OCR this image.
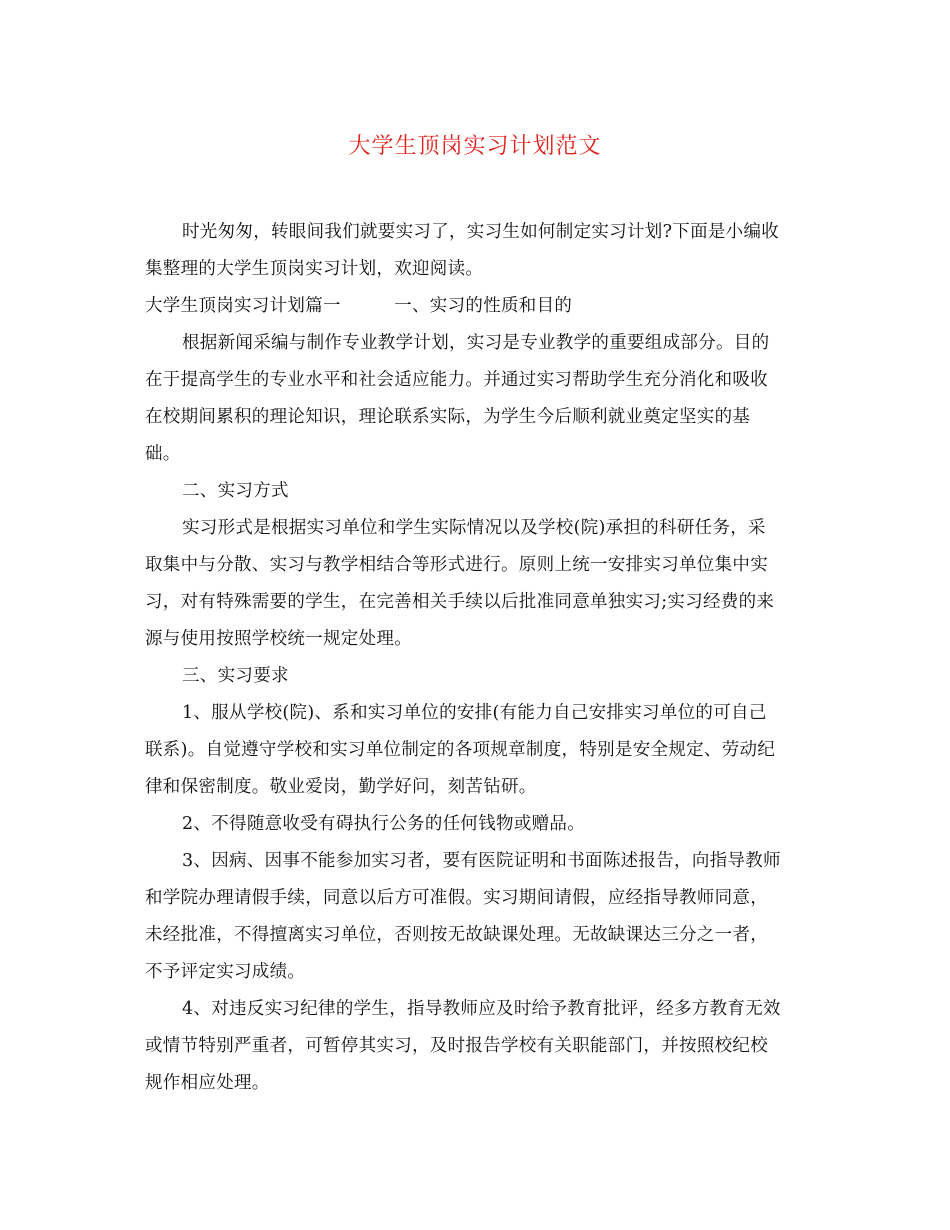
大学生顶岗实习计划范文
时光匆匆，转眼间我们就要实习了，实习生如何制定实习计划?下面是小编收
集整理的大学生顶岗实习计划，欢迎阅读。
大学生顶岗实习计划篇一　　　一、实习的性质和目的
根据新闻采编与制作专业教学计划，实习是专业教学的重要组成部分。目的
在于提高学生的专业水平和社会适应能力。并通过实习帮助学生充分消化和吸收
在校期间累积的理论知识，理论联系实际，为学生今后顺利就业奠定坚实的基
础。
二、实习方式
实习形式是根据实习单位和学生实际情况以及学校(院)承担的科研任务，采
取集中与分散、实习与教学相结合等形式进行。原则上统一安排实习单位集中实
习，对有特殊需要的学生，在完善相关手续以后批准同意单独实习;实习经费的来
源与使用按照学校统一规定处理。
三、实习要求
1、服从学校(院)、系和实习单位的安排(有能力自己安排实习单位的可自己
联系)。自觉遵守学校和实习单位制定的各项规章制度，特别是安全规定、劳动纪
律和保密制度。敬业爱岗，勤学好问，刻苦钻研。
2、不得随意收受有碍执行公务的任何钱物或赠品。
3、因病、因事不能参加实习者，要有医院证明和书面陈述报告，向指导教师
和学院办理请假手续，同意以后方可准假。实习期间请假，应经指导教师同意，
未经批准，不得擅离实习单位，否则按无故缺课处理。无故缺课达三分之一者，
不予评定实习成绩。
4、对违反实习纪律的学生，指导教师应及时给予教育批评，经多方教育无效
或情节特别严重者，可暂停其实习，及时报告学校有关职能部门，并按照校纪校
规作相应处理。
